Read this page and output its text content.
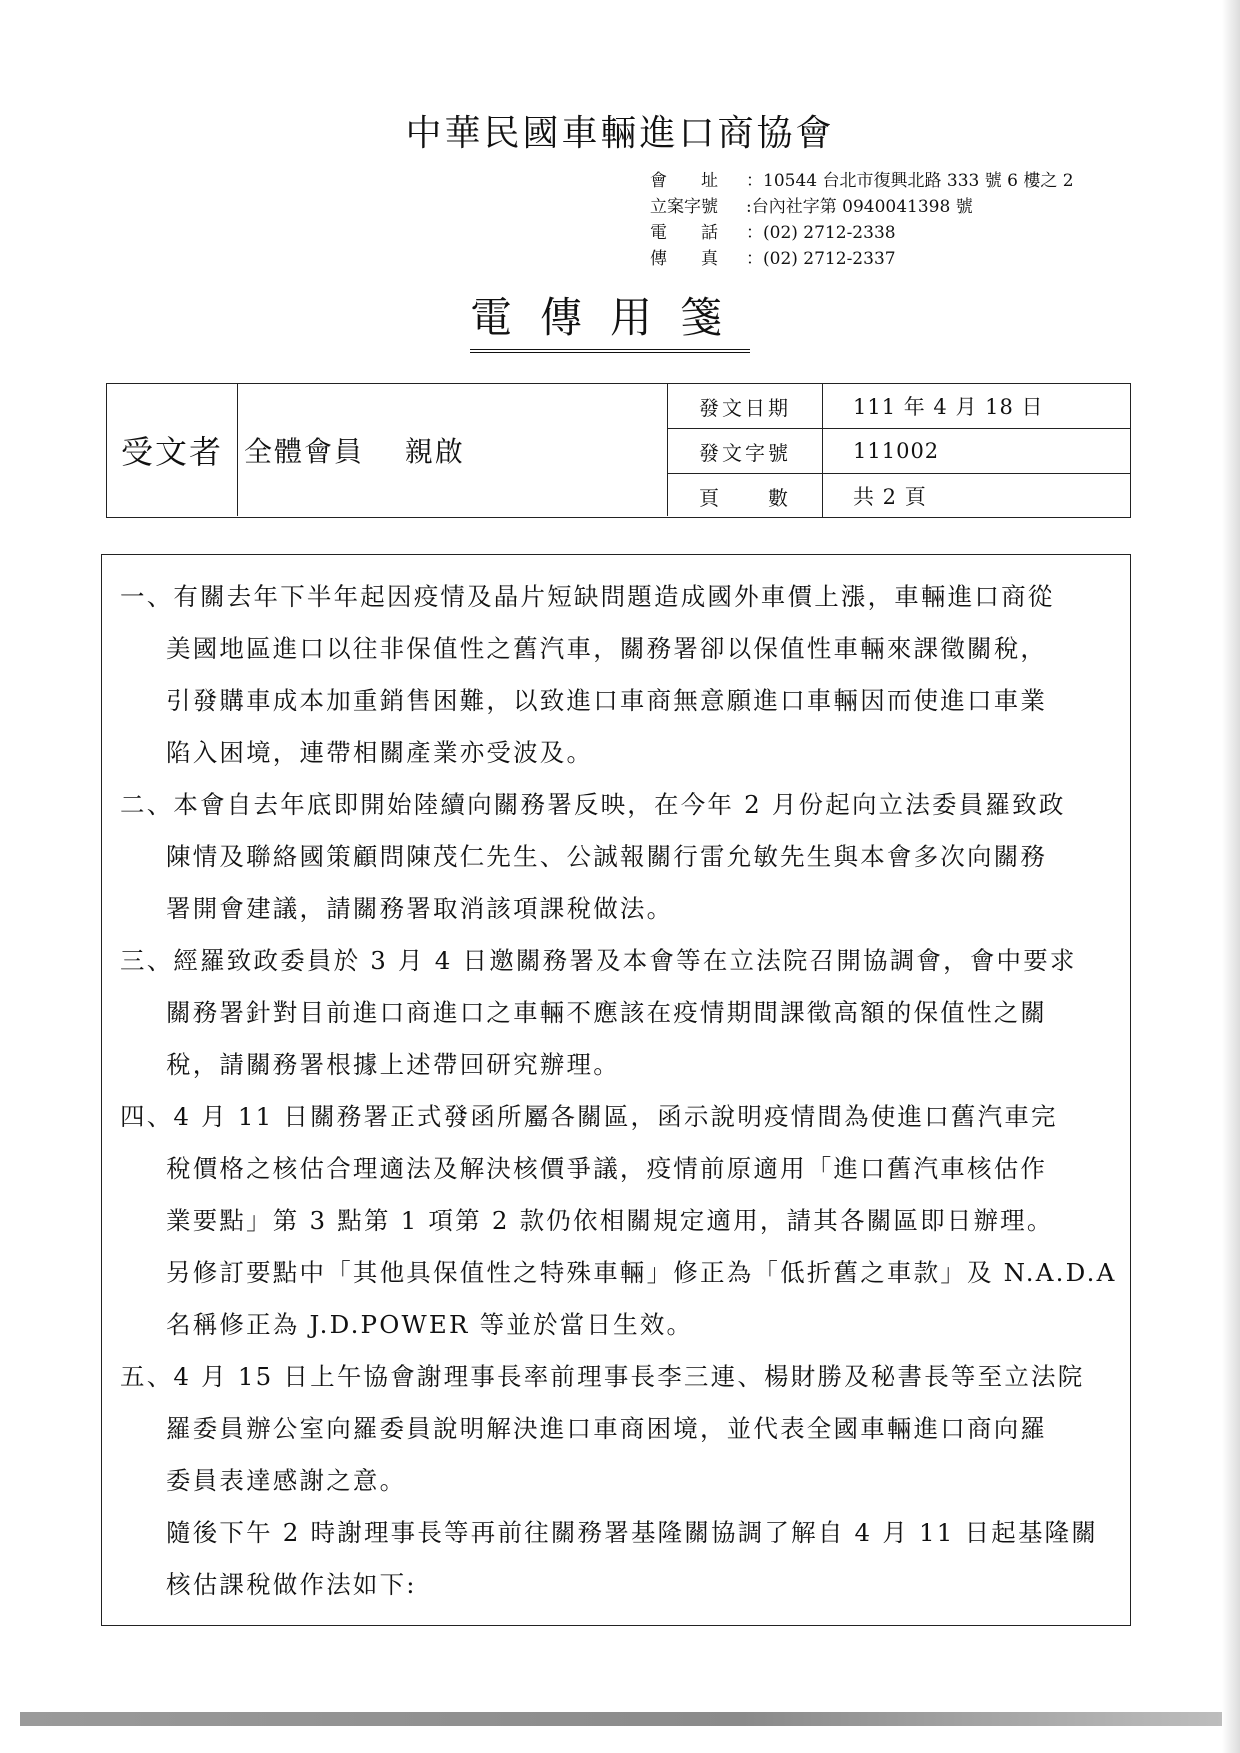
中華民國車輛進口商協會
會　　址	： 10544 台北市復興北路 333 號 6 樓之 2
立案字號	: 台內社字第 0940041398 號
電　　話	： (02) 2712-2338
傳　　真	： (02) 2712-2337
電傳用箋
受文者 全體會員　 親啟
發文日期	111 年 4 月 18 日
發文字號	111002
頁　　數	共 2 頁
一、有關去年下半年起因疫情及晶片短缺問題造成國外車價上漲，車輛進口商從
美國地區進口以往非保值性之舊汽車，關務署卻以保值性車輛來課徵關稅，
引發購車成本加重銷售困難，以致進口車商無意願進口車輛因而使進口車業
陷入困境，連帶相關產業亦受波及。
二、本會自去年底即開始陸續向關務署反映，在今年 2 月份起向立法委員羅致政
陳情及聯絡國策顧問陳茂仁先生、公誠報關行雷允敏先生與本會多次向關務
署開會建議，請關務署取消該項課稅做法。
三、經羅致政委員於 3 月 4 日邀關務署及本會等在立法院召開協調會，會中要求
關務署針對目前進口商進口之車輛不應該在疫情期間課徵高額的保值性之關
稅，請關務署根據上述帶回研究辦理。
四、4 月 11 日關務署正式發函所屬各關區，函示說明疫情間為使進口舊汽車完
稅價格之核估合理適法及解決核價爭議，疫情前原適用「進口舊汽車核估作
業要點」第 3 點第 1 項第 2 款仍依相關規定適用，請其各關區即日辦理。
另修訂要點中「其他具保值性之特殊車輛」修正為「低折舊之車款」及 N.A.D.A
名稱修正為 J.D.POWER 等並於當日生效。
五、4 月 15 日上午協會謝理事長率前理事長李三連、楊財勝及秘書長等至立法院
羅委員辦公室向羅委員說明解決進口車商困境，並代表全國車輛進口商向羅
委員表達感謝之意。
隨後下午 2 時謝理事長等再前往關務署基隆關協調了解自 4 月 11 日起基隆關
核估課稅做作法如下:
